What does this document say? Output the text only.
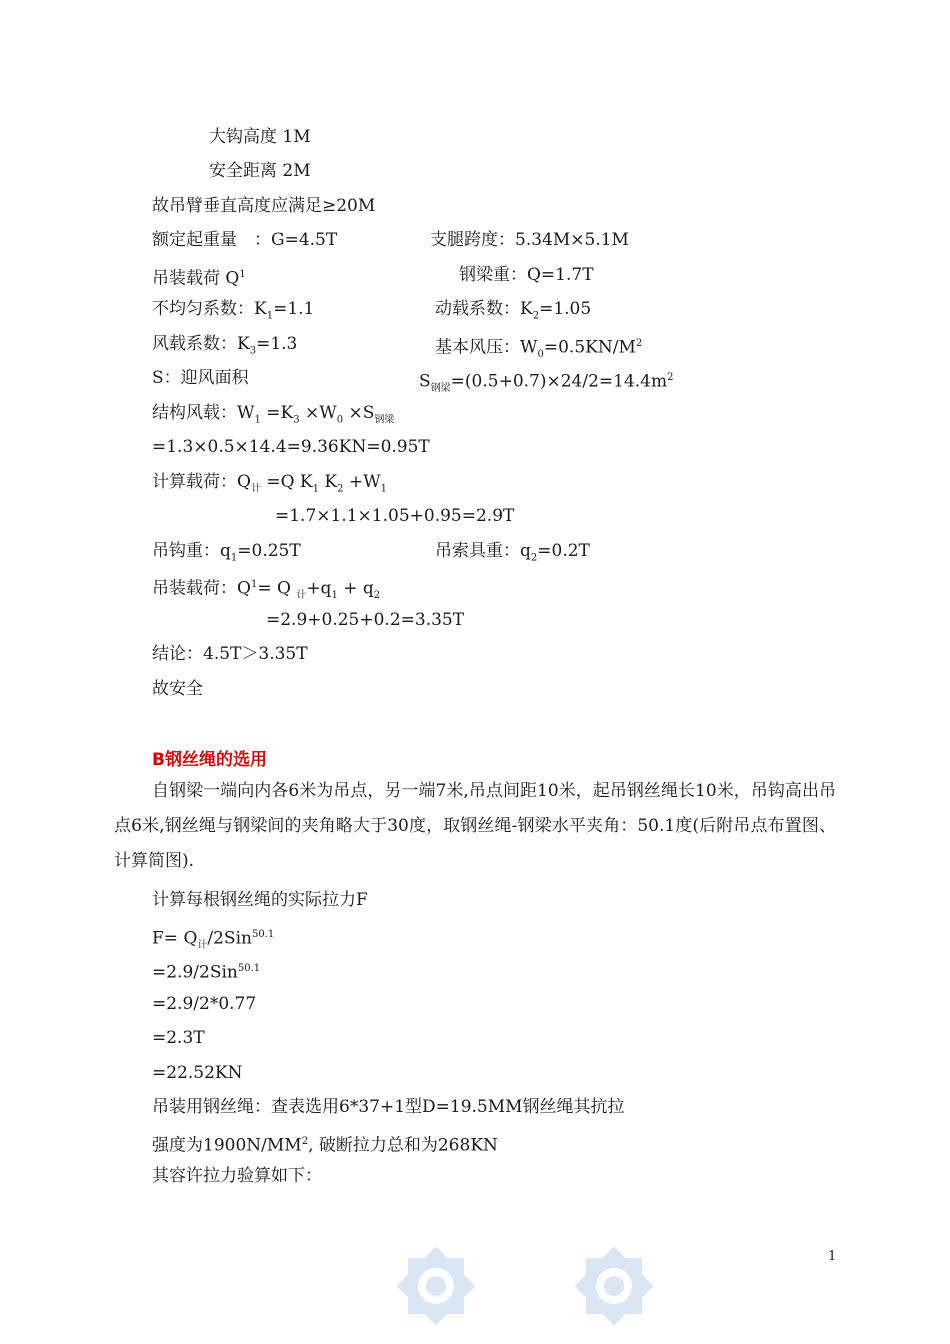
大钩高度 1M
安全距离 2M
故吊臂垂直高度应满足≥20M
额定起重量　：G=4.5T	支腿跨度：5.34M×5.1M
吊装载荷 $Q^1$	钢梁重：Q=1.7T
不均匀系数：$K_1=1.1$	动载系数：$K_2=1.05$
风载系数：$K_3=1.3$	基本风压：$W_0=0.5KN/M^2$
S：迎风面积	$S_{钢梁}=(0.5+0.7)\times 24/2=14.4m^2$
结构风载：$W_1 =K_3 \times W_0 \times S_{钢梁}$
=1.3×0.5×14.4=9.36KN=0.95T
计算载荷：$Q_计 =Q$ $K_1$ $K_2 +W_1$
=1.7×1.1×1.05+0.95=2.9T
吊钩重：$q_1=0.25T$	吊索具重：$q_2=0.2T$
吊装载荷：$Q^1= Q$ $_计+q_1 + q_2$
=2.9+0.25+0.2=3.35T
结论：4.5T＞3.35T
故安全
B钢丝绳的选用
自钢梁一端向内各6米为吊点，另一端7米,吊点间距10米，起吊钢丝绳长10米，吊钩高出吊点6米,钢丝绳与钢梁间的夹角略大于30度，取钢丝绳-钢梁水平夹角：50.1度(后附吊点布置图、计算简图).
计算每根钢丝绳的实际拉力F
$F= Q_计/2Sin^{50.1}$
=2.9/2Sin$^{50.1}$
=2.9/2*0.77
=2.3T
=22.52KN
吊装用钢丝绳：查表选用6*37+1型D=19.5MM钢丝绳其抗拉
强度为$1900N/MM^2$, 破断拉力总和为268KN
其容许拉力验算如下：
1
